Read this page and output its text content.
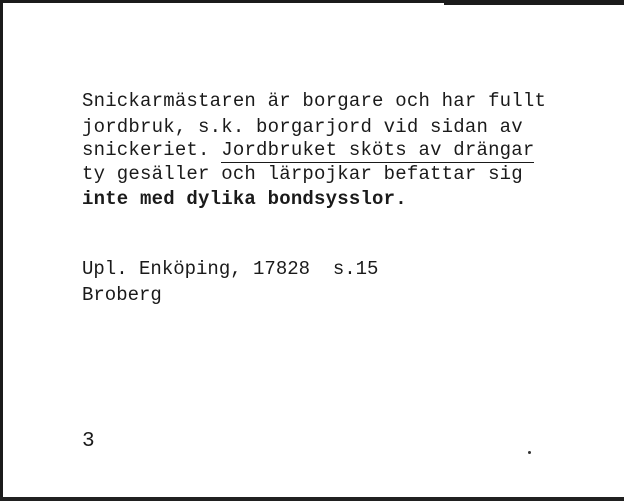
Snickarmästaren är borgare och har fullt
jordbruk, s.k. borgarjord vid sidan av
snickeriet. Jordbruket sköts av drängar
ty gesäller och lärpojkar befattar sig
inte med dylika bondsysslor.
Upl. Enköping, 17828  s.15
Broberg
3
